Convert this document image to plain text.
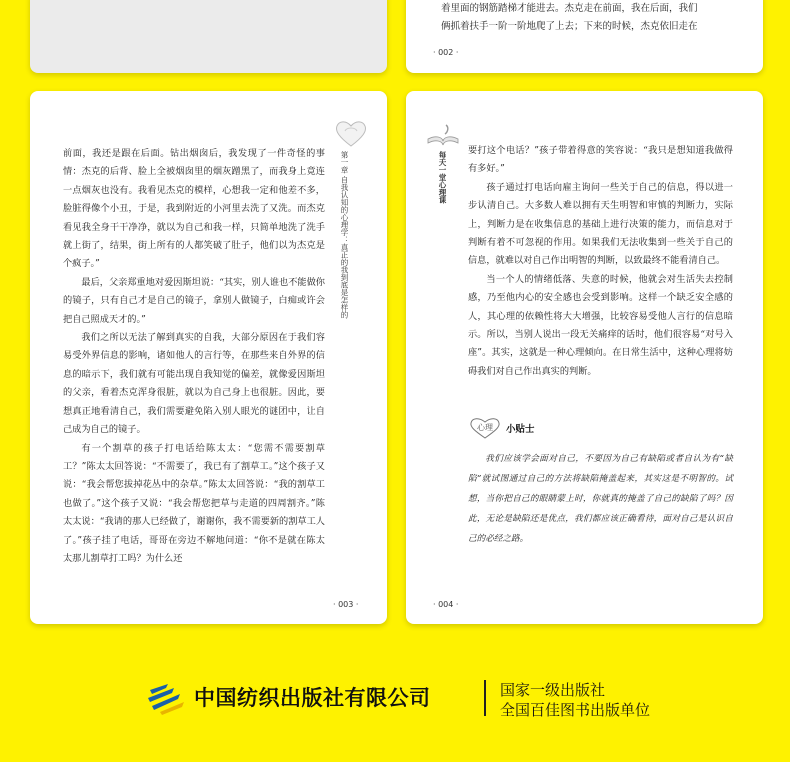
着里面的钢筋踏梯才能进去。杰克走在前面，我在后面，我们
俩抓着扶手一阶一阶地爬了上去；下来的时候，杰克依旧走在
· 002 ·

前面，我还是跟在后面。钻出烟囱后，我发现了一件奇怪的事情：杰克的后背、脸上全被烟囱里的烟灰蹭黑了，而我身上竟连一点烟灰也没有。我看见杰克的模样，心想我一定和他差不多，脸脏得像个小丑，于是，我到附近的小河里去洗了又洗。而杰克看见我全身干干净净，就以为自己和我一样，只简单地洗了洗手就上街了，结果，街上所有的人都笑破了肚子，他们以为杰克是个疯子。”

最后，父亲郑重地对爱因斯坦说：“其实，别人谁也不能做你的镜子，只有自己才是自己的镜子，拿别人做镜子，白痴或许会把自己照成天才的。”

我们之所以无法了解到真实的自我，大部分原因在于我们容易受外界信息的影响，诸如他人的言行等，在那些来自外界的信息的暗示下，我们就有可能出现自我知觉的偏差，就像爱因斯坦的父亲，看着杰克浑身很脏，就以为自己身上也很脏。因此，要想真正地看清自己，我们需要避免陷入别人眼光的谜团中，让自己成为自己的镜子。

有一个割草的孩子打电话给陈太太：“您需不需要割草工？”陈太太回答说：“不需要了，我已有了割草工。”这个孩子又说：“我会帮您拔掉花丛中的杂草。”陈太太回答说：“我的割草工也做了。”这个孩子又说：“我会帮您把草与走道的四周割齐。”陈太太说：“我请的那人已经做了，谢谢你，我不需要新的割草工人了。”孩子挂了电话，哥哥在旁边不解地问道：“你不是就在陈太太那儿割草打工吗？为什么还

第一章 自我认知的心理学：真正的我到底是怎样的
· 003 ·
每天一堂心理课

要打这个电话？”孩子带着得意的笑容说：“我只是想知道我做得有多好。”

孩子通过打电话向雇主询问一些关于自己的信息，得以进一步认清自己。大多数人难以拥有天生明智和审慎的判断力，实际上，判断力是在收集信息的基础上进行决策的能力，而信息对于判断有着不可忽视的作用。如果我们无法收集到一些关于自己的信息，就难以对自己作出明智的判断，以致最终不能看清自己。

当一个人的情绪低落、失意的时候，他就会对生活失去控制感，乃至他内心的安全感也会受到影响。这样一个缺乏安全感的人，其心理的依赖性将大大增强，比较容易受他人言行的信息暗示。所以，当别人说出一段无关痛痒的话时，他们很容易“对号入座”。其实，这就是一种心理倾向。在日常生活中，这种心理将妨碍我们对自己作出真实的判断。

心理 小贴士

我们应该学会面对自己，不要因为自己有缺陷或者自认为有“缺陷”就试图通过自己的方法将缺陷掩盖起来，其实这是不明智的。试想，当你把自己的眼睛蒙上时，你就真的掩盖了自己的缺陷了吗？因此，无论是缺陷还是优点，我们都应该正确看待，面对自己是认识自己的必经之路。

· 004 ·
中国纺织出版社有限公司	国家一级出版社
全国百佳图书出版单位
